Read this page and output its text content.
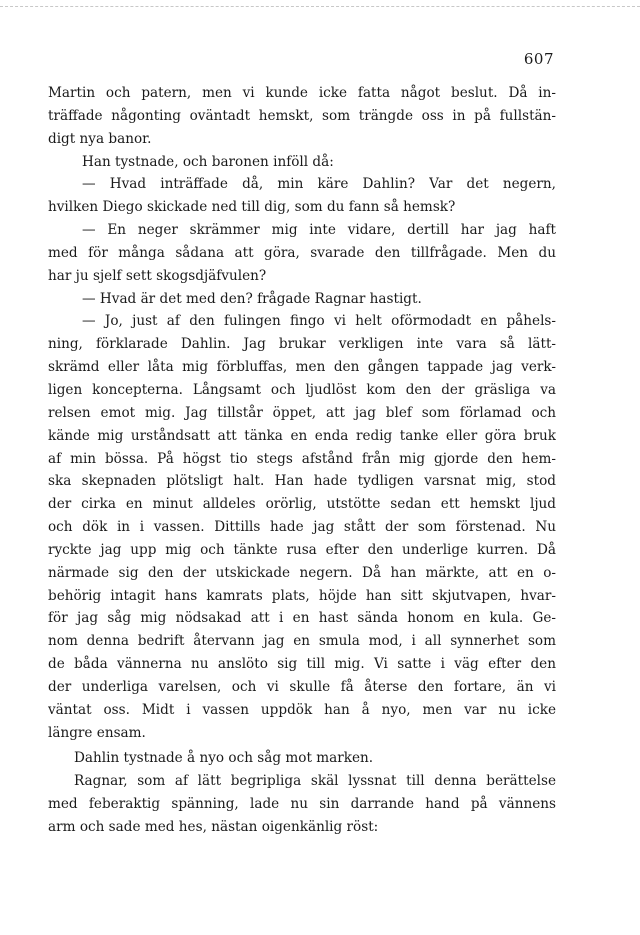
607
Martin och patern, men vi kunde icke fatta något beslut. Då in-
träffade någonting oväntadt hemskt, som trängde oss in på fullstän-
digt nya banor.
Han tystnade, och baronen inföll då:
— Hvad inträffade då, min käre Dahlin? Var det negern,
hvilken Diego skickade ned till dig, som du fann så hemsk?
— En neger skrämmer mig inte vidare, dertill har jag haft
med för många sådana att göra, svarade den tillfrågade. Men du
har ju sjelf sett skogsdjäfvulen?
— Hvad är det med den? frågade Ragnar hastigt.
— Jo, just af den fulingen fingo vi helt oförmodadt en påhels-
ning, förklarade Dahlin. Jag brukar verkligen inte vara så lätt-
skrämd eller låta mig förbluffas, men den gången tappade jag verk-
ligen koncepterna. Långsamt och ljudlöst kom den der gräsliga va
relsen emot mig. Jag tillstår öppet, att jag blef som förlamad och
kände mig urståndsatt att tänka en enda redig tanke eller göra bruk
af min bössa. På högst tio stegs afstånd från mig gjorde den hem-
ska skepnaden plötsligt halt. Han hade tydligen varsnat mig, stod
der cirka en minut alldeles orörlig, utstötte sedan ett hemskt ljud
och dök in i vassen. Dittills hade jag stått der som förstenad. Nu
ryckte jag upp mig och tänkte rusa efter den underlige kurren. Då
närmade sig den der utskickade negern. Då han märkte, att en o-
behörig intagit hans kamrats plats, höjde han sitt skjutvapen, hvar-
för jag såg mig nödsakad att i en hast sända honom en kula. Ge-
nom denna bedrift återvann jag en smula mod, i all synnerhet som
de båda vännerna nu anslöto sig till mig. Vi satte i väg efter den
der underliga varelsen, och vi skulle få återse den fortare, än vi
väntat oss. Midt i vassen uppdök han å nyo, men var nu icke
längre ensam.
Dahlin tystnade å nyo och såg mot marken.
Ragnar, som af lätt begripliga skäl lyssnat till denna berättelse
med feberaktig spänning, lade nu sin darrande hand på vännens
arm och sade med hes, nästan oigenkänlig röst:
